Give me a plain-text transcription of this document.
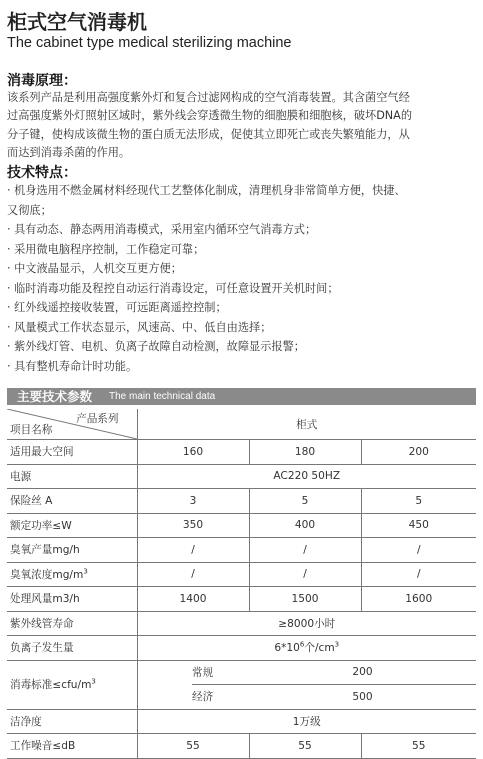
柜式空气消毒机
The cabinet type medical sterilizing machine
消毒原理：

该系列产品是利用高强度紫外灯和复合过滤网构成的空气消毒装置。其含菌空气经
过高强度紫外灯照射区域时，紫外线会穿透微生物的细胞膜和细胞核，破坏DNA的
分子键，使构成该微生物的蛋白质无法形成，促使其立即死亡或丧失繁殖能力，从
而达到消毒杀菌的作用。

技术特点：
· 机身选用不燃金属材料经现代工艺整体化制成，清理机身非常简单方便，快捷、
又彻底；
· 具有动态、静态两用消毒模式，采用室内循环空气消毒方式；
· 采用微电脑程序控制，工作稳定可靠；
· 中文液晶显示，人机交互更方便；
· 临时消毒功能及程控自动运行消毒设定，可任意设置开关机时间；
· 红外线遥控接收装置，可远距离遥控控制；
· 风量模式工作状态显示，风速高、中、低自由选择；
· 紫外线灯管、电机、负离子故障自动检测，故障显示报警；
· 具有整机寿命计时功能。
主要技术参数 The main technical data
产品系列
项目名称	柜式			
适用最大空间	160		180	200
电源	AC220 50HZ			
保险丝 A	3		5	5
额定功率≤W	350		400	450
臭氧产量mg/h	/		/	/
臭氧浓度$mg/m^3$	/		/	/
处理风量m3/h	1400		1500	1600
紫外线管寿命	≥8000小时			
负离子发生量	$6*10^6$个$/cm^3$
消毒标准$\le cfu/m^3$		常规	200	
		经济	500	
洁净度	1万级			
工作噪音≤dB	55		55	55
